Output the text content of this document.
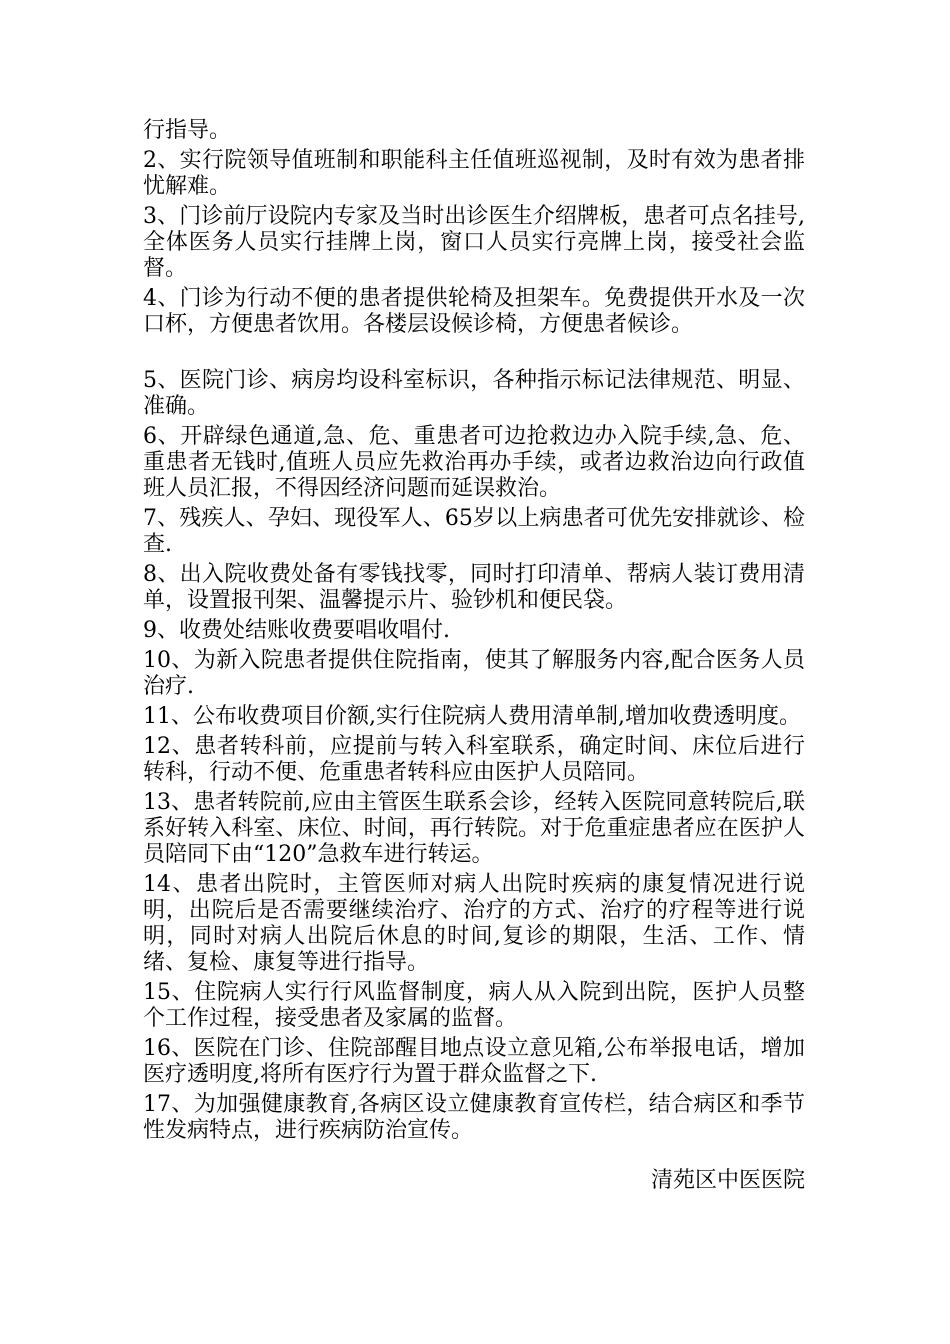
行指导。

2、实行院领导值班制和职能科主任值班巡视制，及时有效为患者排忧解难。

3、门诊前厅设院内专家及当时出诊医生介绍牌板，患者可点名挂号,全体医务人员实行挂牌上岗，窗口人员实行亮牌上岗，接受社会监督。

4、门诊为行动不便的患者提供轮椅及担架车。免费提供开水及一次口杯，方便患者饮用。各楼层设候诊椅，方便患者候诊。

5、医院门诊、病房均设科室标识，各种指示标记法律规范、明显、准确。

6、开辟绿色通道,急、危、重患者可边抢救边办入院手续,急、危、重患者无钱时,值班人员应先救治再办手续，或者边救治边向行政值班人员汇报，不得因经济问题而延误救治。

7、残疾人、孕妇、现役军人、65岁以上病患者可优先安排就诊、检查.

8、出入院收费处备有零钱找零，同时打印清单、帮病人装订费用清单，设置报刊架、温馨提示片、验钞机和便民袋。

9、收费处结账收费要唱收唱付.

10、为新入院患者提供住院指南，使其了解服务内容,配合医务人员治疗.

11、公布收费项目价额,实行住院病人费用清单制,增加收费透明度。

12、患者转科前，应提前与转入科室联系，确定时间、床位后进行转科，行动不便、危重患者转科应由医护人员陪同。

13、患者转院前,应由主管医生联系会诊，经转入医院同意转院后,联系好转入科室、床位、时间，再行转院。对于危重症患者应在医护人员陪同下由“120”急救车进行转运。

14、患者出院时，主管医师对病人出院时疾病的康复情况进行说明，出院后是否需要继续治疗、治疗的方式、治疗的疗程等进行说明，同时对病人出院后休息的时间,复诊的期限，生活、工作、情绪、复检、康复等进行指导。

15、住院病人实行行风监督制度，病人从入院到出院，医护人员整个工作过程，接受患者及家属的监督。

16、医院在门诊、住院部醒目地点设立意见箱,公布举报电话，增加医疗透明度,将所有医疗行为置于群众监督之下.

17、为加强健康教育,各病区设立健康教育宣传栏，结合病区和季节性发病特点，进行疾病防治宣传。

清苑区中医医院
